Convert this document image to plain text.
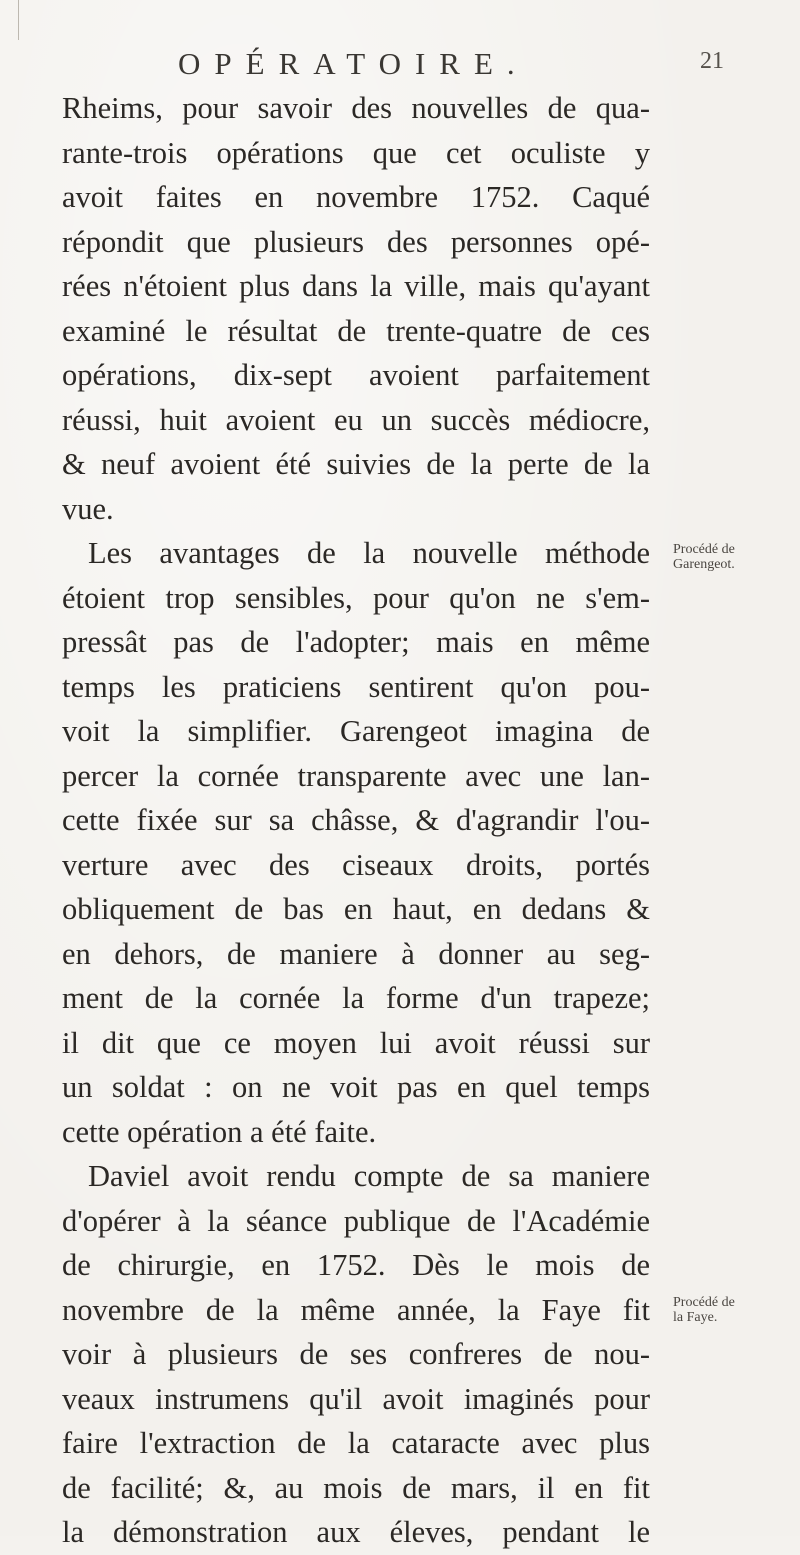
OPÉRATOIRE.	21
Rheims, pour savoir des nouvelles de qua-
rante-trois opérations que cet oculiste y
avoit faites en novembre 1752. Caqué
répondit que plusieurs des personnes opé-
rées n'étoient plus dans la ville, mais qu'ayant
examiné le résultat de trente-quatre de ces
opérations, dix-sept avoient parfaitement
réussi, huit avoient eu un succès médiocre,
& neuf avoient été suivies de la perte de la
vue.
Les avantages de la nouvelle méthode
étoient trop sensibles, pour qu'on ne s'em-
pressât pas de l'adopter; mais en même
temps les praticiens sentirent qu'on pou-
voit la simplifier. Garengeot imagina de
percer la cornée transparente avec une lan-
cette fixée sur sa châsse, & d'agrandir l'ou-
verture avec des ciseaux droits, portés
obliquement de bas en haut, en dedans &
en dehors, de maniere à donner au seg-
ment de la cornée la forme d'un trapeze;
il dit que ce moyen lui avoit réussi sur
un soldat : on ne voit pas en quel temps
cette opération a été faite.
Daviel avoit rendu compte de sa maniere
d'opérer à la séance publique de l'Académie
de chirurgie, en 1752. Dès le mois de
novembre de la même année, la Faye fit
voir à plusieurs de ses confreres de nou-
veaux instrumens qu'il avoit imaginés pour
faire l'extraction de la cataracte avec plus
de facilité; &, au mois de mars, il en fit
la démonstration aux éleves, pendant le
Procédé de
Garengeot.
Procédé de
la Faye.
